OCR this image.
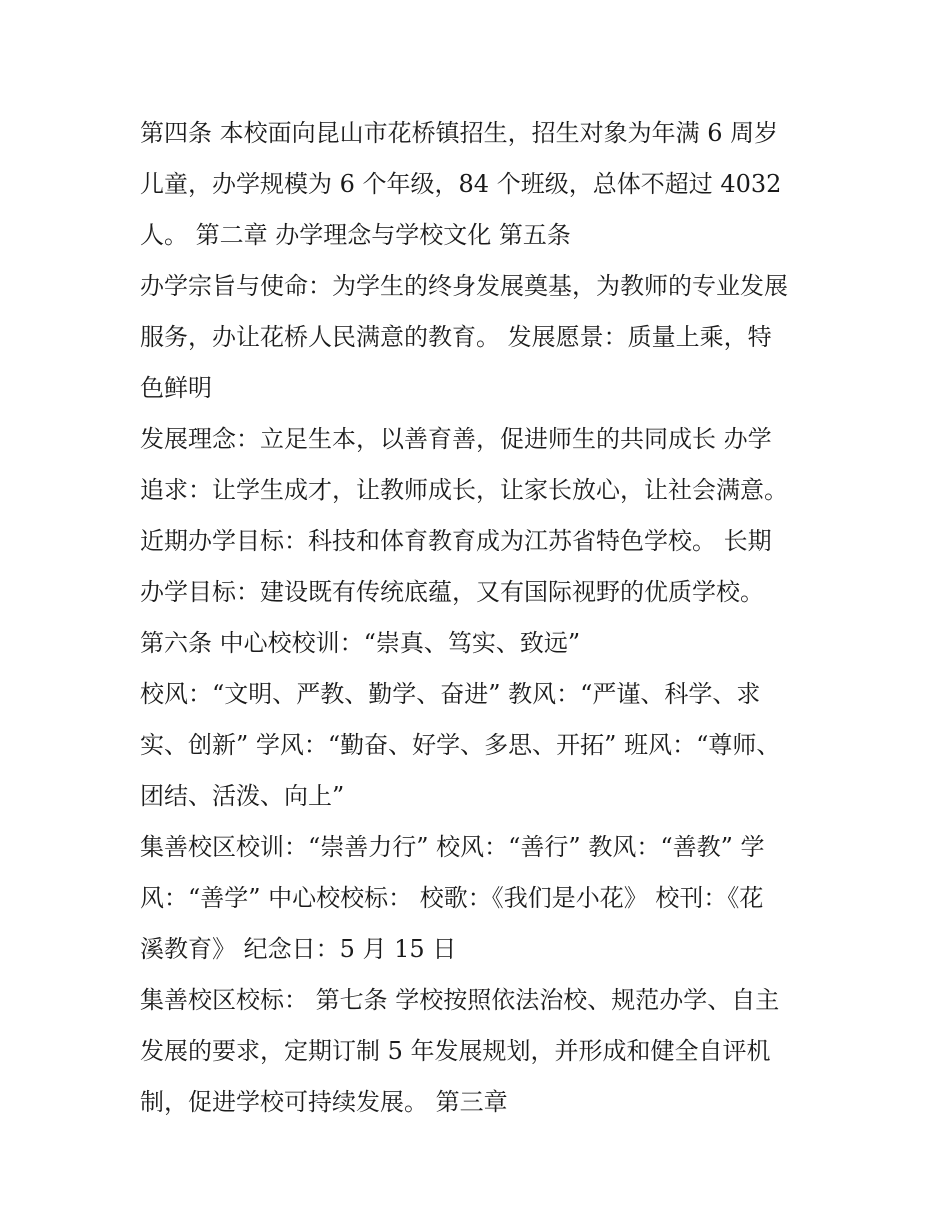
第四条 本校面向昆山市花桥镇招生，招生对象为年满 6 周岁
儿童，办学规模为 6 个年级，84 个班级，总体不超过 4032
人。 第二章 办学理念与学校文化 第五条
办学宗旨与使命：为学生的终身发展奠基，为教师的专业发展
服务，办让花桥人民满意的教育。 发展愿景：质量上乘，特
色鲜明
发展理念：立足生本，以善育善，促进师生的共同成长 办学
追求：让学生成才，让教师成长，让家长放心，让社会满意。
近期办学目标：科技和体育教育成为江苏省特色学校。 长期
办学目标：建设既有传统底蕴，又有国际视野的优质学校。
第六条 中心校校训：“崇真、笃实、致远”
校风：“文明、严教、勤学、奋进” 教风：“严谨、科学、求
实、创新” 学风：“勤奋、好学、多思、开拓” 班风：“尊师、
团结、活泼、向上”
集善校区校训：“崇善力行” 校风：“善行” 教风：“善教” 学
风：“善学” 中心校校标： 校歌：《我们是小花》 校刊：《花
溪教育》 纪念日：5 月 15 日
集善校区校标： 第七条 学校按照依法治校、规范办学、自主
发展的要求，定期订制 5 年发展规划，并形成和健全自评机
制，促进学校可持续发展。 第三章
